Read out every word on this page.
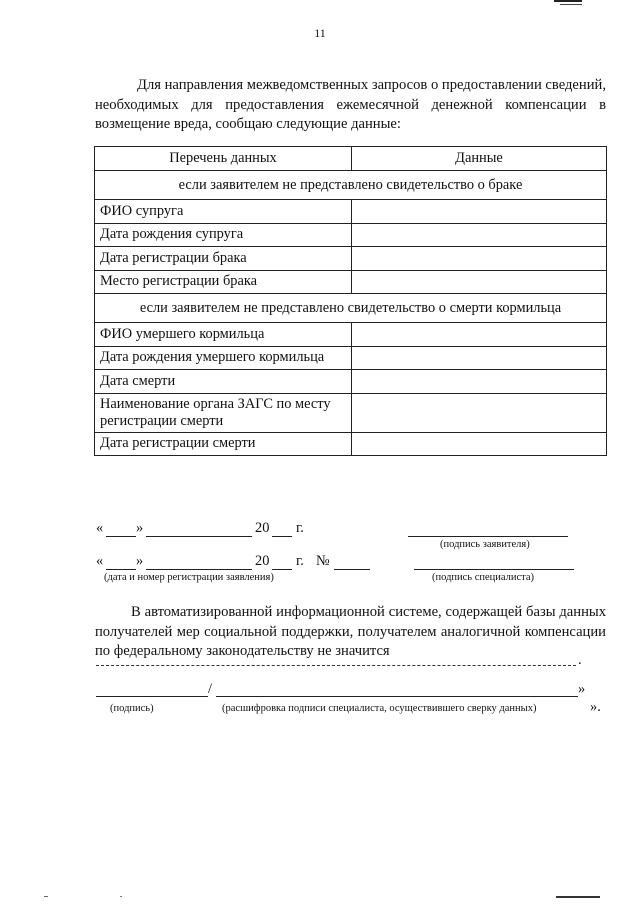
11

Для направления межведомственных запросов о предоставлении сведений, необходимых для предоставления ежемесячной денежной компенсации в возмещение вреда, сообщаю следующие данные:

Перечень данных	Данные
если заявителем не представлено свидетельство о браке	
ФИО супруга	
Дата рождения супруга	
Дата регистрации брака	
Место регистрации брака	
если заявителем не представлено свидетельство о смерти кормильца	
ФИО умершего кормильца	
Дата рождения умершего кормильца	
Дата смерти	
Наименование органа ЗАГС по месту регистрации смерти	
Дата регистрации смерти	
« »	20 г.
(подпись заявителя)
« »	20 г. №
(дата и номер регистрации заявления)	(подпись специалиста)

В автоматизированной информационной системе, содержащей базы данных получателей мер социальной поддержки, получателем аналогичной компенсации по федеральному законодательству не значится

.
/	»
(подпись)	(расшифровка подписи специалиста, осуществившего сверку данных)	».
